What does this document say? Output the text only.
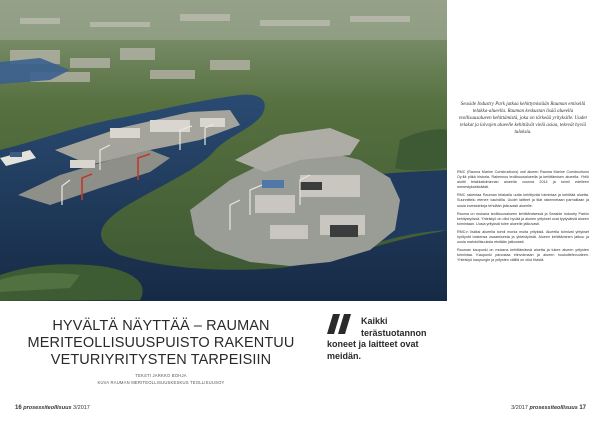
Seaside Industry Park jatkaa kehittymistään Rauman entisellä telakka-alueella. Rauman keskustan lisää alueella teollisuusalueen kehittämistä, joka on tärkeää yrityksille. Uudet telakat ja laivojen alueelle kehittävät vielä asiaa, tekevät hyviä tuloksia.

RMC (Rauma Marine Constructions) osti alueen Rauma Marine Constructions Oy:llä pitkä historia. Rakennus teollisuusalueella ja kehittämisen alueella. Yhtiö aloitti telakkatoiminnan alueella vuonna 2014 ja toimii edelleen menestyksekkäästi.

RMC rakentaa Rauman telakalla uutta kehittyvää toimintaa ja kehittää aluetta. Suunnittelu etenee vauhdilla. Uudet laitteet ja tilat rakennetaan parhaillaan ja uusia investointeja tehdään jatkuvasti alueelle.

Rauma on mukana teollisuusalueen kehittämisessä ja Seaside Industry Parkin kehitystyössä. Yhteistyö on ollut hyvää ja alueen yritykset ovat tyytyväisiä alueen toimintaan. Uusia yrityksiä tulee alueelle jatkuvasti.

RMC:n lisäksi alueella toimii monia muita yrityksiä. Alueella toimivat yritykset hyötyvät toistensa osaamisesta ja yhteistyöstä. Alueen kehittäminen jatkuu ja uusia mahdollisuuksia etsitään jatkuvasti.

Rauman kaupunki on mukana kehittämässä aluetta ja tukee alueen yritysten toimintaa. Kaupunki panostaa elinvoimaan ja alueen houkuttelevuuteen. Yhteistyö kaupungin ja yritysten välillä on ollut tiivistä.

HYVÄLTÄ NÄYTTÄÄ – RAUMAN
MERITEOLLISUUSPUISTO RAKENTUU
VETURIYRITYSTEN TARPEISIIN
TEKSTI JARKKO BOHJA
KUVA RAUMAN MERITEOLLISUUSKESKUS TEOLLISUUSOY
Kaikki
terästuotannon
koneet ja laitteet ovat
meidän.
16 prosessiteollisuus 3/2017	3/2017 prosessiteollisuus 17
